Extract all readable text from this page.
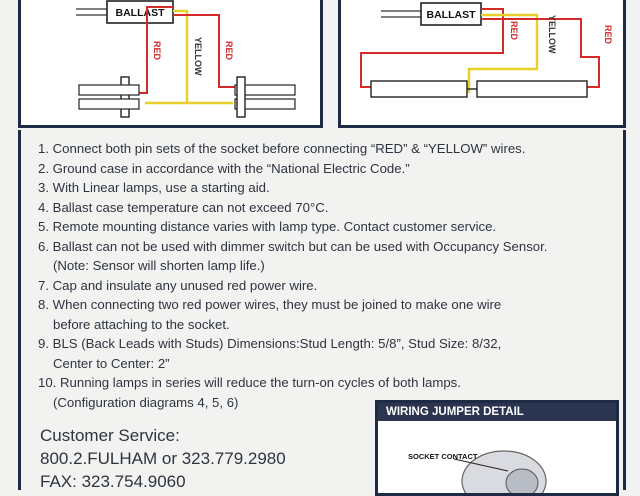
BALLAST
RED	YELLOW RED
BALLAST
RED	YELLOW	RED
1. Connect both pin sets of the socket before connecting “RED” & “YELLOW” wires.
2. Ground case in accordance with the “National Electric Code.”
3. With Linear lamps, use a starting aid.
4. Ballast case temperature can not exceed 70°C.
5. Remote mounting distance varies with lamp type. Contact customer service.
6. Ballast can not be used with dimmer switch but can be used with Occupancy Sensor.
(Note: Sensor will shorten lamp life.)
7. Cap and insulate any unused red power wire.
8. When connecting two red power wires, they must be joined to make one wire
before attaching to the socket.
9. BLS (Back Leads with Studs) Dimensions:Stud Length: 5/8”, Stud Size: 8/32,
Center to Center: 2”
10. Running lamps in series will reduce the turn-on cycles of both lamps.
(Configuration diagrams 4, 5, 6)
Customer Service:
800.2.FULHAM or 323.779.2980
FAX: 323.754.9060
WIRING JUMPER DETAIL
SOCKET CONTACT
